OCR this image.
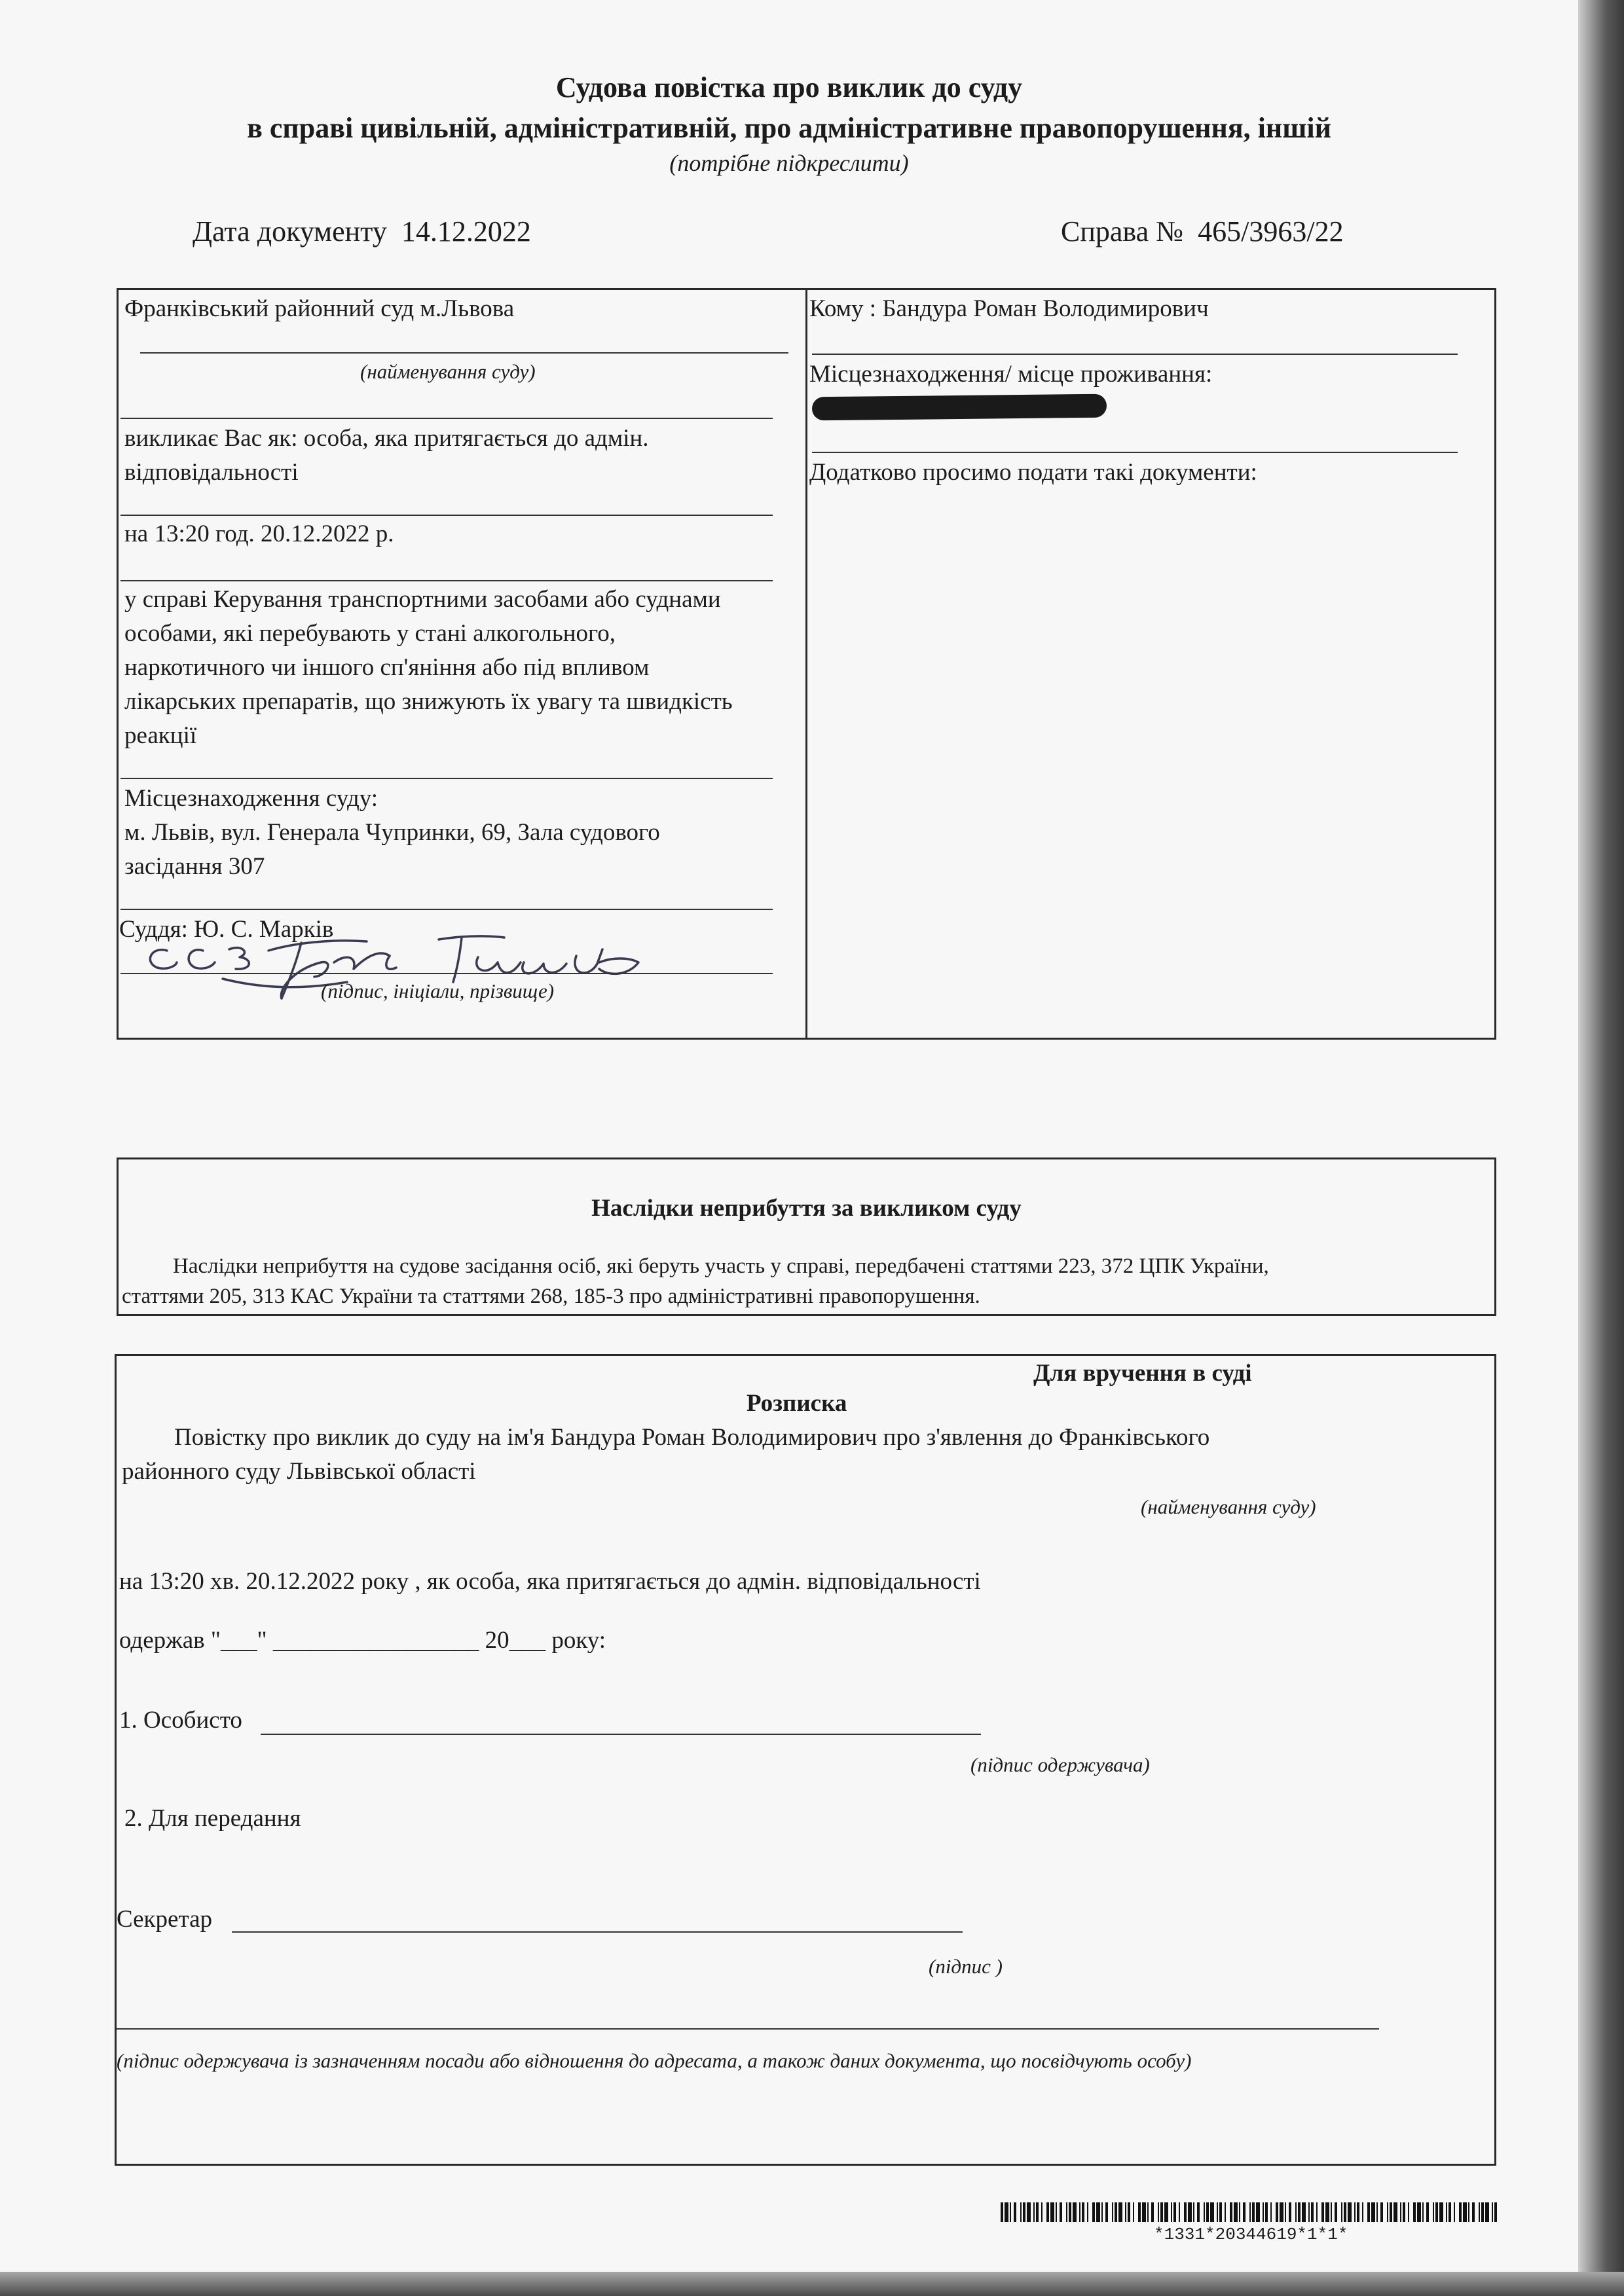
Судова повістка про виклик до суду
в справі цивільній, адміністративній, про адміністративне правопорушення, іншій
(потрібне підкреслити)
Дата документу 14.12.2022	Справа № 465/3963/22
Франківський районний суд м.Львова
(найменування суду)
викликає Вас як: особа, яка притягається до адмін.
відповідальності
на 13:20 год. 20.12.2022 р.
у справі Керування транспортними засобами або суднами
особами, які перебувають у стані алкогольного,
наркотичного чи іншого сп'яніння або під впливом
лікарських препаратів, що знижують їх увагу та швидкість
реакції
Місцезнаходження суду:
м. Львів, вул. Генерала Чупринки, 69, Зала судового
засідання 307
Суддя: Ю. С. Марків
(підпис, ініціали, прізвище)
Кому : Бандура Роман Володимирович
Місцезнаходження/ місце проживання:
Додатково просимо подати такі документи:
Наслідки неприбуття за викликом суду
Наслідки неприбуття на судове засідання осіб, які беруть участь у справі, передбачені статтями 223, 372 ЦПК України,
статтями 205, 313 КАС України та статтями 268, 185-3 про адміністративні правопорушення.
Для вручення в суді
Розписка
Повістку про виклик до суду на ім'я Бандура Роман Володимирович про з'явлення до Франківського
районного суду Львівської області
(найменування суду)
на 13:20 хв. 20.12.2022 року , як особа, яка притягається до адмін. відповідальності
одержав "___" _________________ 20___ року:
1. Особисто
(підпис одержувача)
2. Для передання
Секретар
(підпис )
(підпис одержувача із зазначенням посади або відношення до адресата, а також даних документа, що посвідчують особу)
*1331*20344619*1*1*
